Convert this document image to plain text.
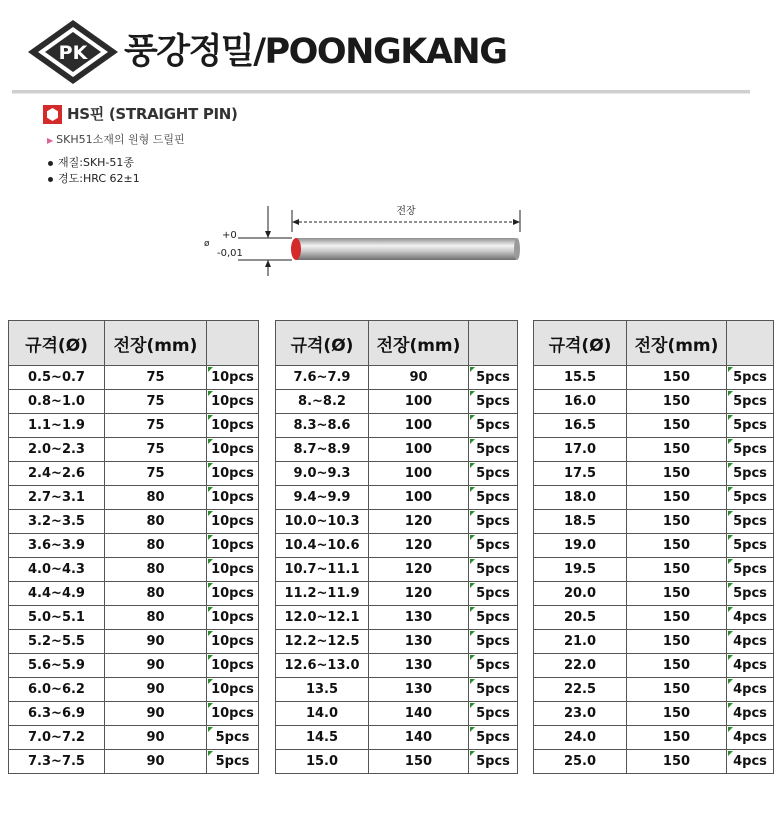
PK 풍강정밀/POONGKANG
HS핀 (STRAIGHT PIN)
▶ SKH51소재의 원형 드릴핀
재질:SKH-51종
경도:HRC 62±1
전장
ø
+0
-0,01
규격(Ø)	전장(mm)	
0.5~0.7	75	10pcs
0.8~1.0	75	10pcs
1.1~1.9	75	10pcs
2.0~2.3	75	10pcs
2.4~2.6	75	10pcs
2.7~3.1	80	10pcs
3.2~3.5	80	10pcs
3.6~3.9	80	10pcs
4.0~4.3	80	10pcs
4.4~4.9	80	10pcs
5.0~5.1	80	10pcs
5.2~5.5	90	10pcs
5.6~5.9	90	10pcs
6.0~6.2	90	10pcs
6.3~6.9	90	10pcs
7.0~7.2	90	5pcs
7.3~7.5	90	5pcs
규격(Ø)	전장(mm)	
7.6~7.9	90	5pcs
8.~8.2	100	5pcs
8.3~8.6	100	5pcs
8.7~8.9	100	5pcs
9.0~9.3	100	5pcs
9.4~9.9	100	5pcs
10.0~10.3	120	5pcs
10.4~10.6	120	5pcs
10.7~11.1	120	5pcs
11.2~11.9	120	5pcs
12.0~12.1	130	5pcs
12.2~12.5	130	5pcs
12.6~13.0	130	5pcs
13.5	130	5pcs
14.0	140	5pcs
14.5	140	5pcs
15.0	150	5pcs
규격(Ø)	전장(mm)	
15.5	150	5pcs
16.0	150	5pcs
16.5	150	5pcs
17.0	150	5pcs
17.5	150	5pcs
18.0	150	5pcs
18.5	150	5pcs
19.0	150	5pcs
19.5	150	5pcs
20.0	150	5pcs
20.5	150	4pcs
21.0	150	4pcs
22.0	150	4pcs
22.5	150	4pcs
23.0	150	4pcs
24.0	150	4pcs
25.0	150	4pcs
